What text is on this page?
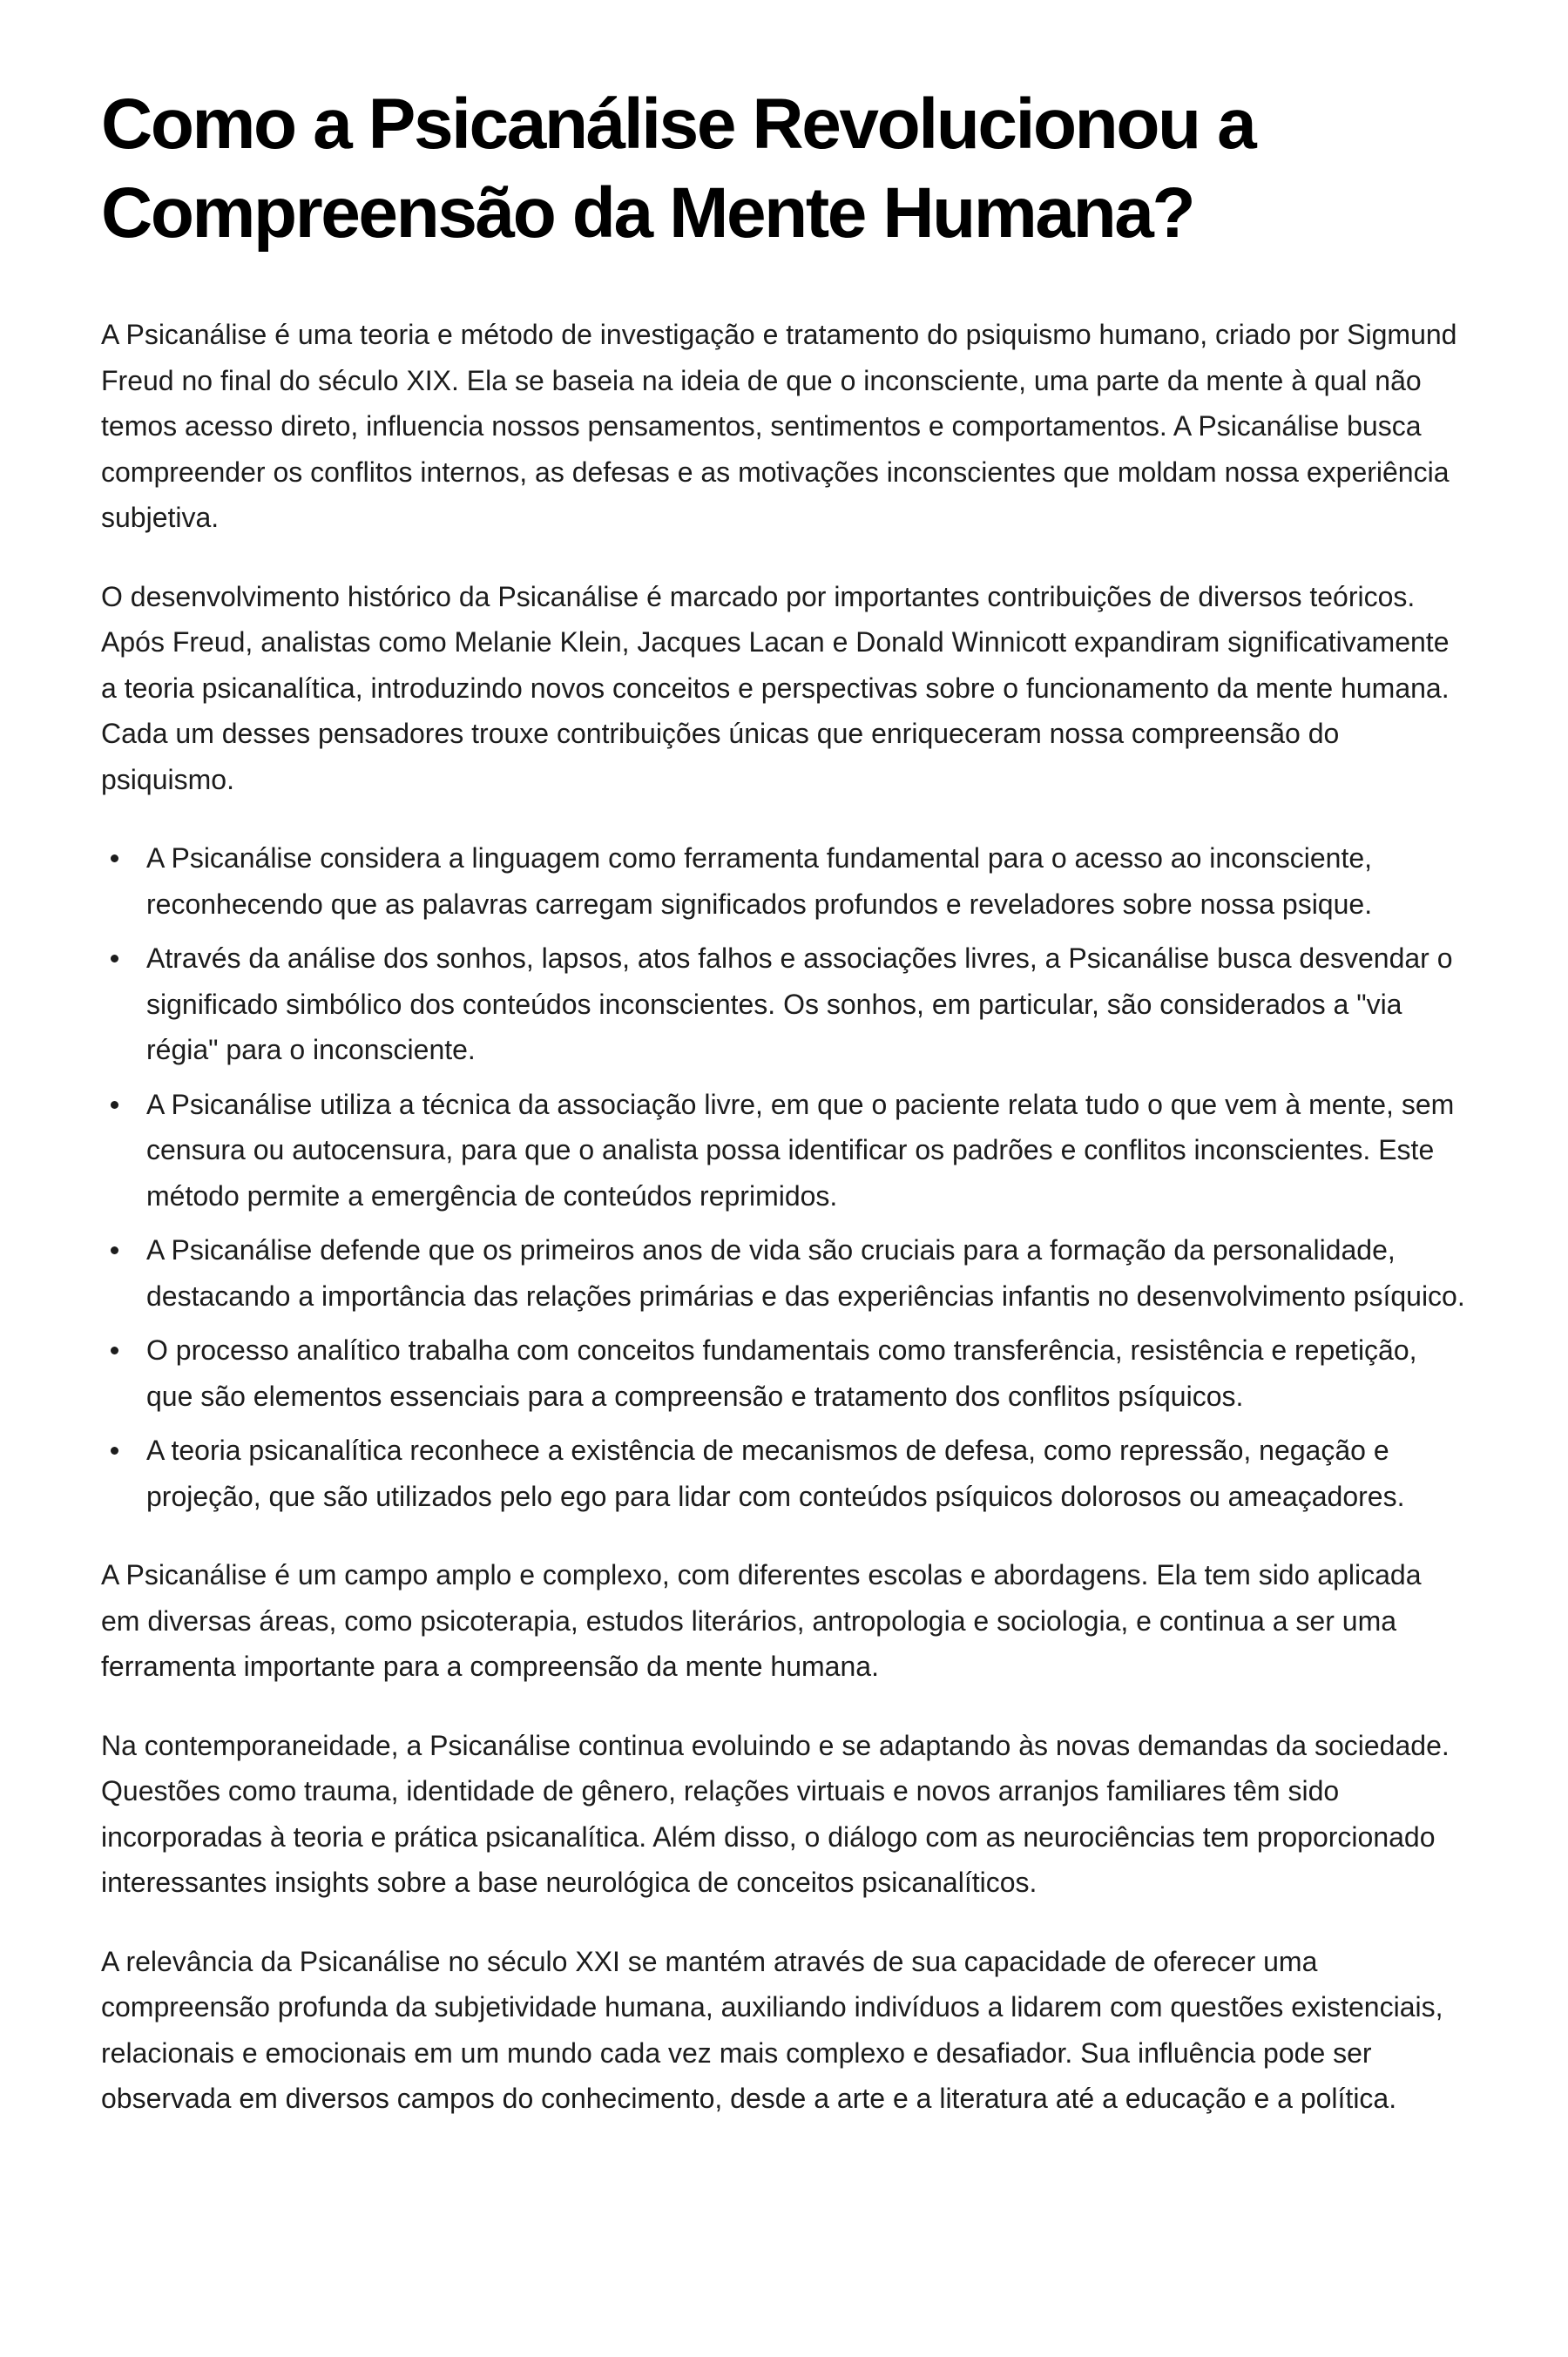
Como a Psicanálise Revolucionou a Compreensão da Mente Humana?

A Psicanálise é uma teoria e método de investigação e tratamento do psiquismo humano, criado por Sigmund Freud no final do século XIX. Ela se baseia na ideia de que o inconsciente, uma parte da mente à qual não temos acesso direto, influencia nossos pensamentos, sentimentos e comportamentos. A Psicanálise busca compreender os conflitos internos, as defesas e as motivações inconscientes que moldam nossa experiência subjetiva.

O desenvolvimento histórico da Psicanálise é marcado por importantes contribuições de diversos teóricos. Após Freud, analistas como Melanie Klein, Jacques Lacan e Donald Winnicott expandiram significativamente a teoria psicanalítica, introduzindo novos conceitos e perspectivas sobre o funcionamento da mente humana. Cada um desses pensadores trouxe contribuições únicas que enriqueceram nossa compreensão do psiquismo.

A Psicanálise considera a linguagem como ferramenta fundamental para o acesso ao inconsciente, reconhecendo que as palavras carregam significados profundos e reveladores sobre nossa psique.
Através da análise dos sonhos, lapsos, atos falhos e associações livres, a Psicanálise busca desvendar o significado simbólico dos conteúdos inconscientes. Os sonhos, em particular, são considerados a "via régia" para o inconsciente.
A Psicanálise utiliza a técnica da associação livre, em que o paciente relata tudo o que vem à mente, sem censura ou autocensura, para que o analista possa identificar os padrões e conflitos inconscientes. Este método permite a emergência de conteúdos reprimidos.
A Psicanálise defende que os primeiros anos de vida são cruciais para a formação da personalidade, destacando a importância das relações primárias e das experiências infantis no desenvolvimento psíquico.
O processo analítico trabalha com conceitos fundamentais como transferência, resistência e repetição, que são elementos essenciais para a compreensão e tratamento dos conflitos psíquicos.
A teoria psicanalítica reconhece a existência de mecanismos de defesa, como repressão, negação e projeção, que são utilizados pelo ego para lidar com conteúdos psíquicos dolorosos ou ameaçadores.

A Psicanálise é um campo amplo e complexo, com diferentes escolas e abordagens. Ela tem sido aplicada em diversas áreas, como psicoterapia, estudos literários, antropologia e sociologia, e continua a ser uma ferramenta importante para a compreensão da mente humana.

Na contemporaneidade, a Psicanálise continua evoluindo e se adaptando às novas demandas da sociedade. Questões como trauma, identidade de gênero, relações virtuais e novos arranjos familiares têm sido incorporadas à teoria e prática psicanalítica. Além disso, o diálogo com as neurociências tem proporcionado interessantes insights sobre a base neurológica de conceitos psicanalíticos.

A relevância da Psicanálise no século XXI se mantém através de sua capacidade de oferecer uma compreensão profunda da subjetividade humana, auxiliando indivíduos a lidarem com questões existenciais, relacionais e emocionais em um mundo cada vez mais complexo e desafiador. Sua influência pode ser observada em diversos campos do conhecimento, desde a arte e a literatura até a educação e a política.
